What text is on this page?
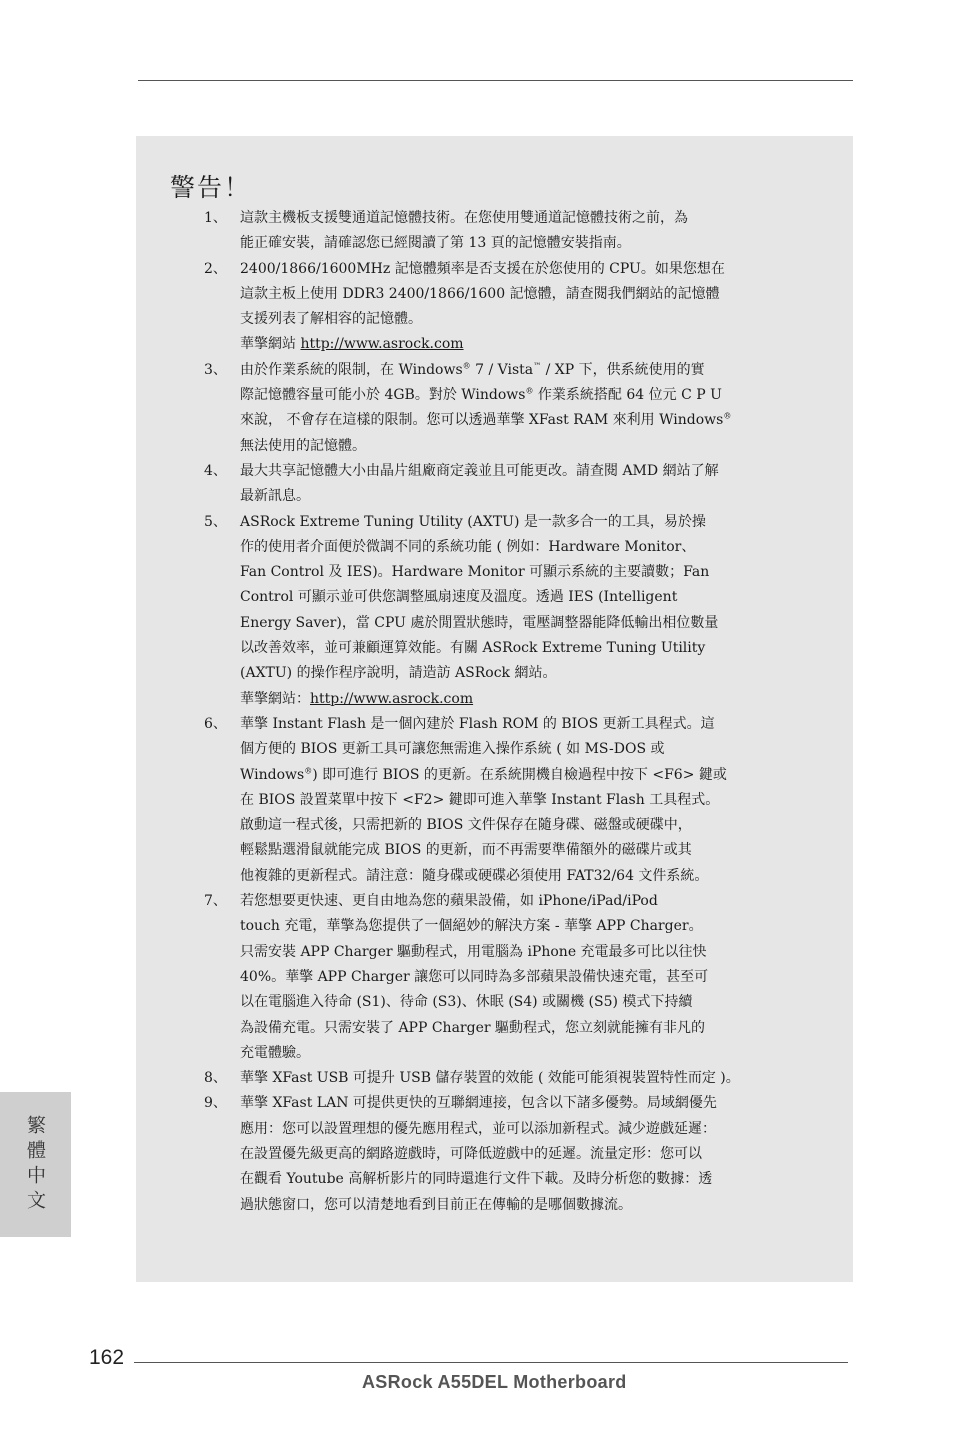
警告！
1、 這款主機板支援雙通道記憶體技術。在您使用雙通道記憶體技術之前，為
能正確安裝，請確認您已經閱讀了第 13 頁的記憶體安裝指南。
2、 2400/1866/1600MHz 記憶體頻率是否支援在於您使用的 CPU。如果您想在
這款主板上使用 DDR3 2400/1866/1600 記憶體，請查閱我們網站的記憶體
支援列表了解相容的記憶體。
華擎網站 http://www.asrock.com
3、 由於作業系統的限制，在 Windows® 7 / Vista™ / XP 下，供系統使用的實
際記憶體容量可能小於 4GB。對於 Windows® 作業系統搭配 64 位元 C P U
來說， 不會存在這樣的限制。您可以透過華擎 XFast RAM 來利用 Windows®
無法使用的記憶體。
4、 最大共享記憶體大小由晶片組廠商定義並且可能更改。請查閱 AMD 網站了解
最新訊息。
5、 ASRock Extreme Tuning Utility (AXTU) 是一款多合一的工具，易於操
作的使用者介面便於微調不同的系統功能 ( 例如：Hardware Monitor、
Fan Control 及 IES)。Hardware Monitor 可顯示系統的主要讀數；Fan
Control 可顯示並可供您調整風扇速度及溫度。透過 IES (Intelligent
Energy Saver)，當 CPU 處於閒置狀態時，電壓調整器能降低輸出相位數量
以改善效率，並可兼顧運算效能。有關 ASRock Extreme Tuning Utility
(AXTU) 的操作程序說明，請造訪 ASRock 網站。
華擎網站：http://www.asrock.com
6、 華擎 Instant Flash 是一個內建於 Flash ROM 的 BIOS 更新工具程式。這
個方便的 BIOS 更新工具可讓您無需進入操作系統 ( 如 MS-DOS 或
Windows®) 即可進行 BIOS 的更新。在系統開機自檢過程中按下 <F6> 鍵或
在 BIOS 設置菜單中按下 <F2> 鍵即可進入華擎 Instant Flash 工具程式。
啟動這一程式後，只需把新的 BIOS 文件保存在隨身碟、磁盤或硬碟中，
輕鬆點選滑鼠就能完成 BIOS 的更新，而不再需要準備額外的磁碟片或其
他複雜的更新程式。請注意：隨身碟或硬碟必須使用 FAT32/64 文件系統。
7、 若您想要更快速、更自由地為您的蘋果設備，如 iPhone/iPad/iPod
touch 充電，華擎為您提供了一個絕妙的解決方案 - 華擎 APP Charger。
只需安裝 APP Charger 驅動程式，用電腦為 iPhone 充電最多可比以往快
40%。華擎 APP Charger 讓您可以同時為多部蘋果設備快速充電，甚至可
以在電腦進入待命 (S1)、待命 (S3)、休眠 (S4) 或關機 (S5) 模式下持續
為設備充電。只需安裝了 APP Charger 驅動程式，您立刻就能擁有非凡的
充電體驗。
8、 華擎 XFast USB 可提升 USB 儲存裝置的效能 ( 效能可能須視裝置特性而定 )。
9、 華擎 XFast LAN 可提供更快的互聯網連接，包含以下諸多優勢。局域網優先
應用：您可以設置理想的優先應用程式，並可以添加新程式。減少遊戲延遲：
在設置優先級更高的網路遊戲時，可降低遊戲中的延遲。流量定形：您可以
在觀看 Youtube 高解析影片的同時還進行文件下載。及時分析您的數據：透
過狀態窗口，您可以清楚地看到目前正在傳輸的是哪個數據流。
繁體中文
162
ASRock A55DEL Motherboard
